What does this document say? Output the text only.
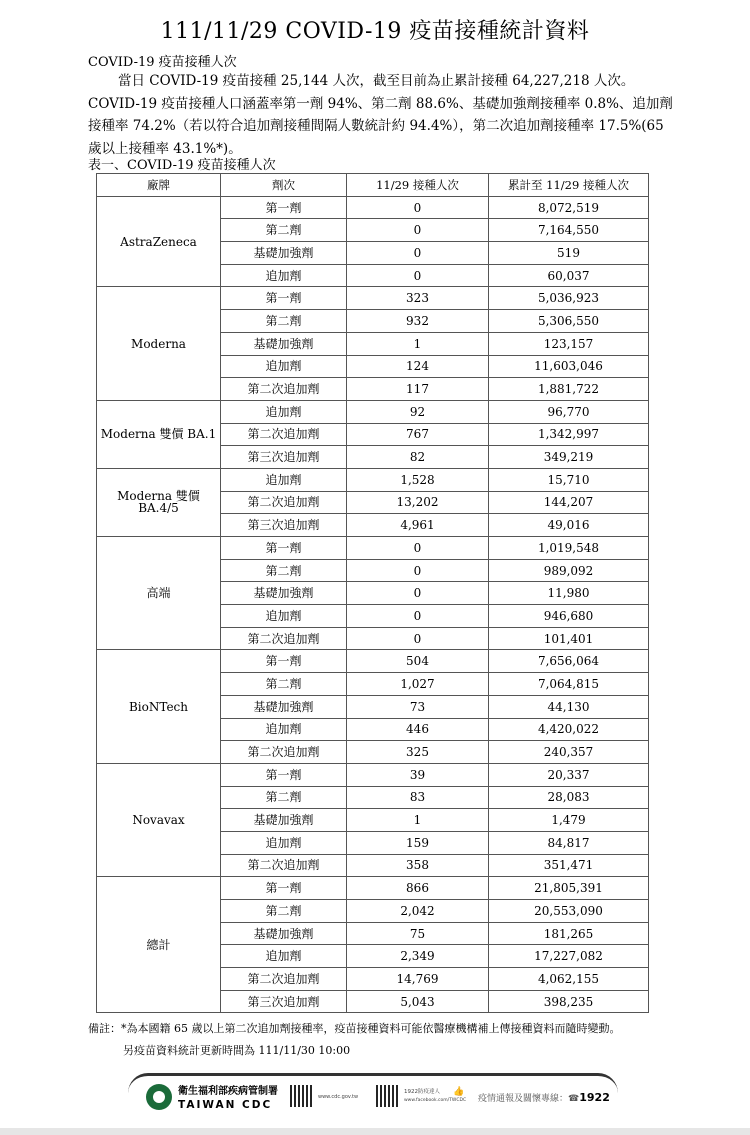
111/11/29 COVID-19 疫苗接種統計資料
COVID-19 疫苗接種人次
當日 COVID-19 疫苗接種 25,144 人次，截至目前為止累計接種 64,227,218 人次。COVID-19 疫苗接種人口涵蓋率第一劑 94%、第二劑 88.6%、基礎加強劑接種率 0.8%、追加劑接種率 74.2%（若以符合追加劑接種間隔人數統計約 94.4%），第二次追加劑接種率 17.5%(65 歲以上接種率 43.1%*)。
表一、COVID-19 疫苗接種人次
廠牌	劑次	11/29 接種人次	累計至 11/29 接種人次
AstraZeneca	第一劑	0	8,072,519
	第二劑	0	7,164,550
	基礎加強劑	0	519
	追加劑	0	60,037
Moderna	第一劑	323	5,036,923
	第二劑	932	5,306,550
	基礎加強劑	1	123,157
	追加劑	124	11,603,046
	第二次追加劑	117	1,881,722
Moderna 雙價 BA.1	追加劑	92	96,770
	第二次追加劑	767	1,342,997
	第三次追加劑	82	349,219
Moderna 雙價 BA.4/5	追加劑	1,528	15,710
	第二次追加劑	13,202	144,207
	第三次追加劑	4,961	49,016
高端	第一劑	0	1,019,548
	第二劑	0	989,092
	基礎加強劑	0	11,980
	追加劑	0	946,680
	第二次追加劑	0	101,401
BioNTech	第一劑	504	7,656,064
	第二劑	1,027	7,064,815
	基礎加強劑	73	44,130
	追加劑	446	4,420,022
	第二次追加劑	325	240,357
Novavax	第一劑	39	20,337
	第二劑	83	28,083
	基礎加強劑	1	1,479
	追加劑	159	84,817
	第二次追加劑	358	351,471
總計	第一劑	866	21,805,391
	第二劑	2,042	20,553,090
	基礎加強劑	75	181,265
	追加劑	2,349	17,227,082
	第二次追加劑	14,769	4,062,155
	第三次追加劑	5,043	398,235
備註：*為本國籍 65 歲以上第二次追加劑接種率，疫苗接種資料可能依醫療機構補上傳接種資料而隨時變動。
另疫苗資料統計更新時間為 111/11/30 10:00
衛生福利部疾病管制署
TAIWAN CDC
www.cdc.gov.tw
1922防疫達人
www.facebook.com/TWCDC
👍
疫情通報及關懷專線：☎1922
